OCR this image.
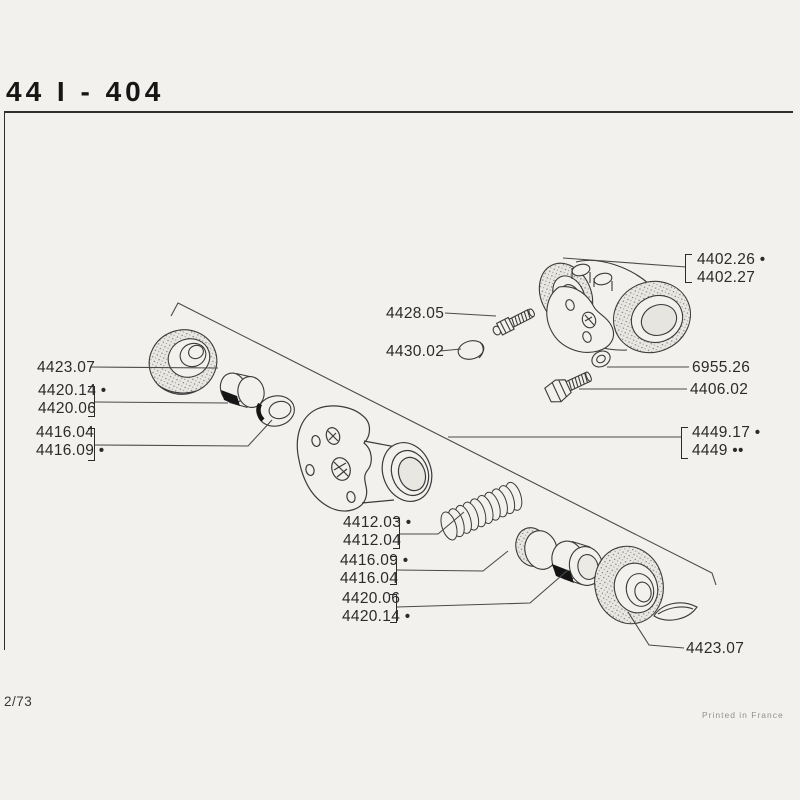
44 I - 404
4402.26 •
4402.27
4428.05
4430.02
6955.26
4406.02
4423.07
4420.14 •
4420.06
4416.04
4416.09 •
4449.17 •
4449 ••
4412.03 •
4412.04
4416.09 •
4416.04
4420.06
4420.14 •
4423.07
2/73
Printed in France
